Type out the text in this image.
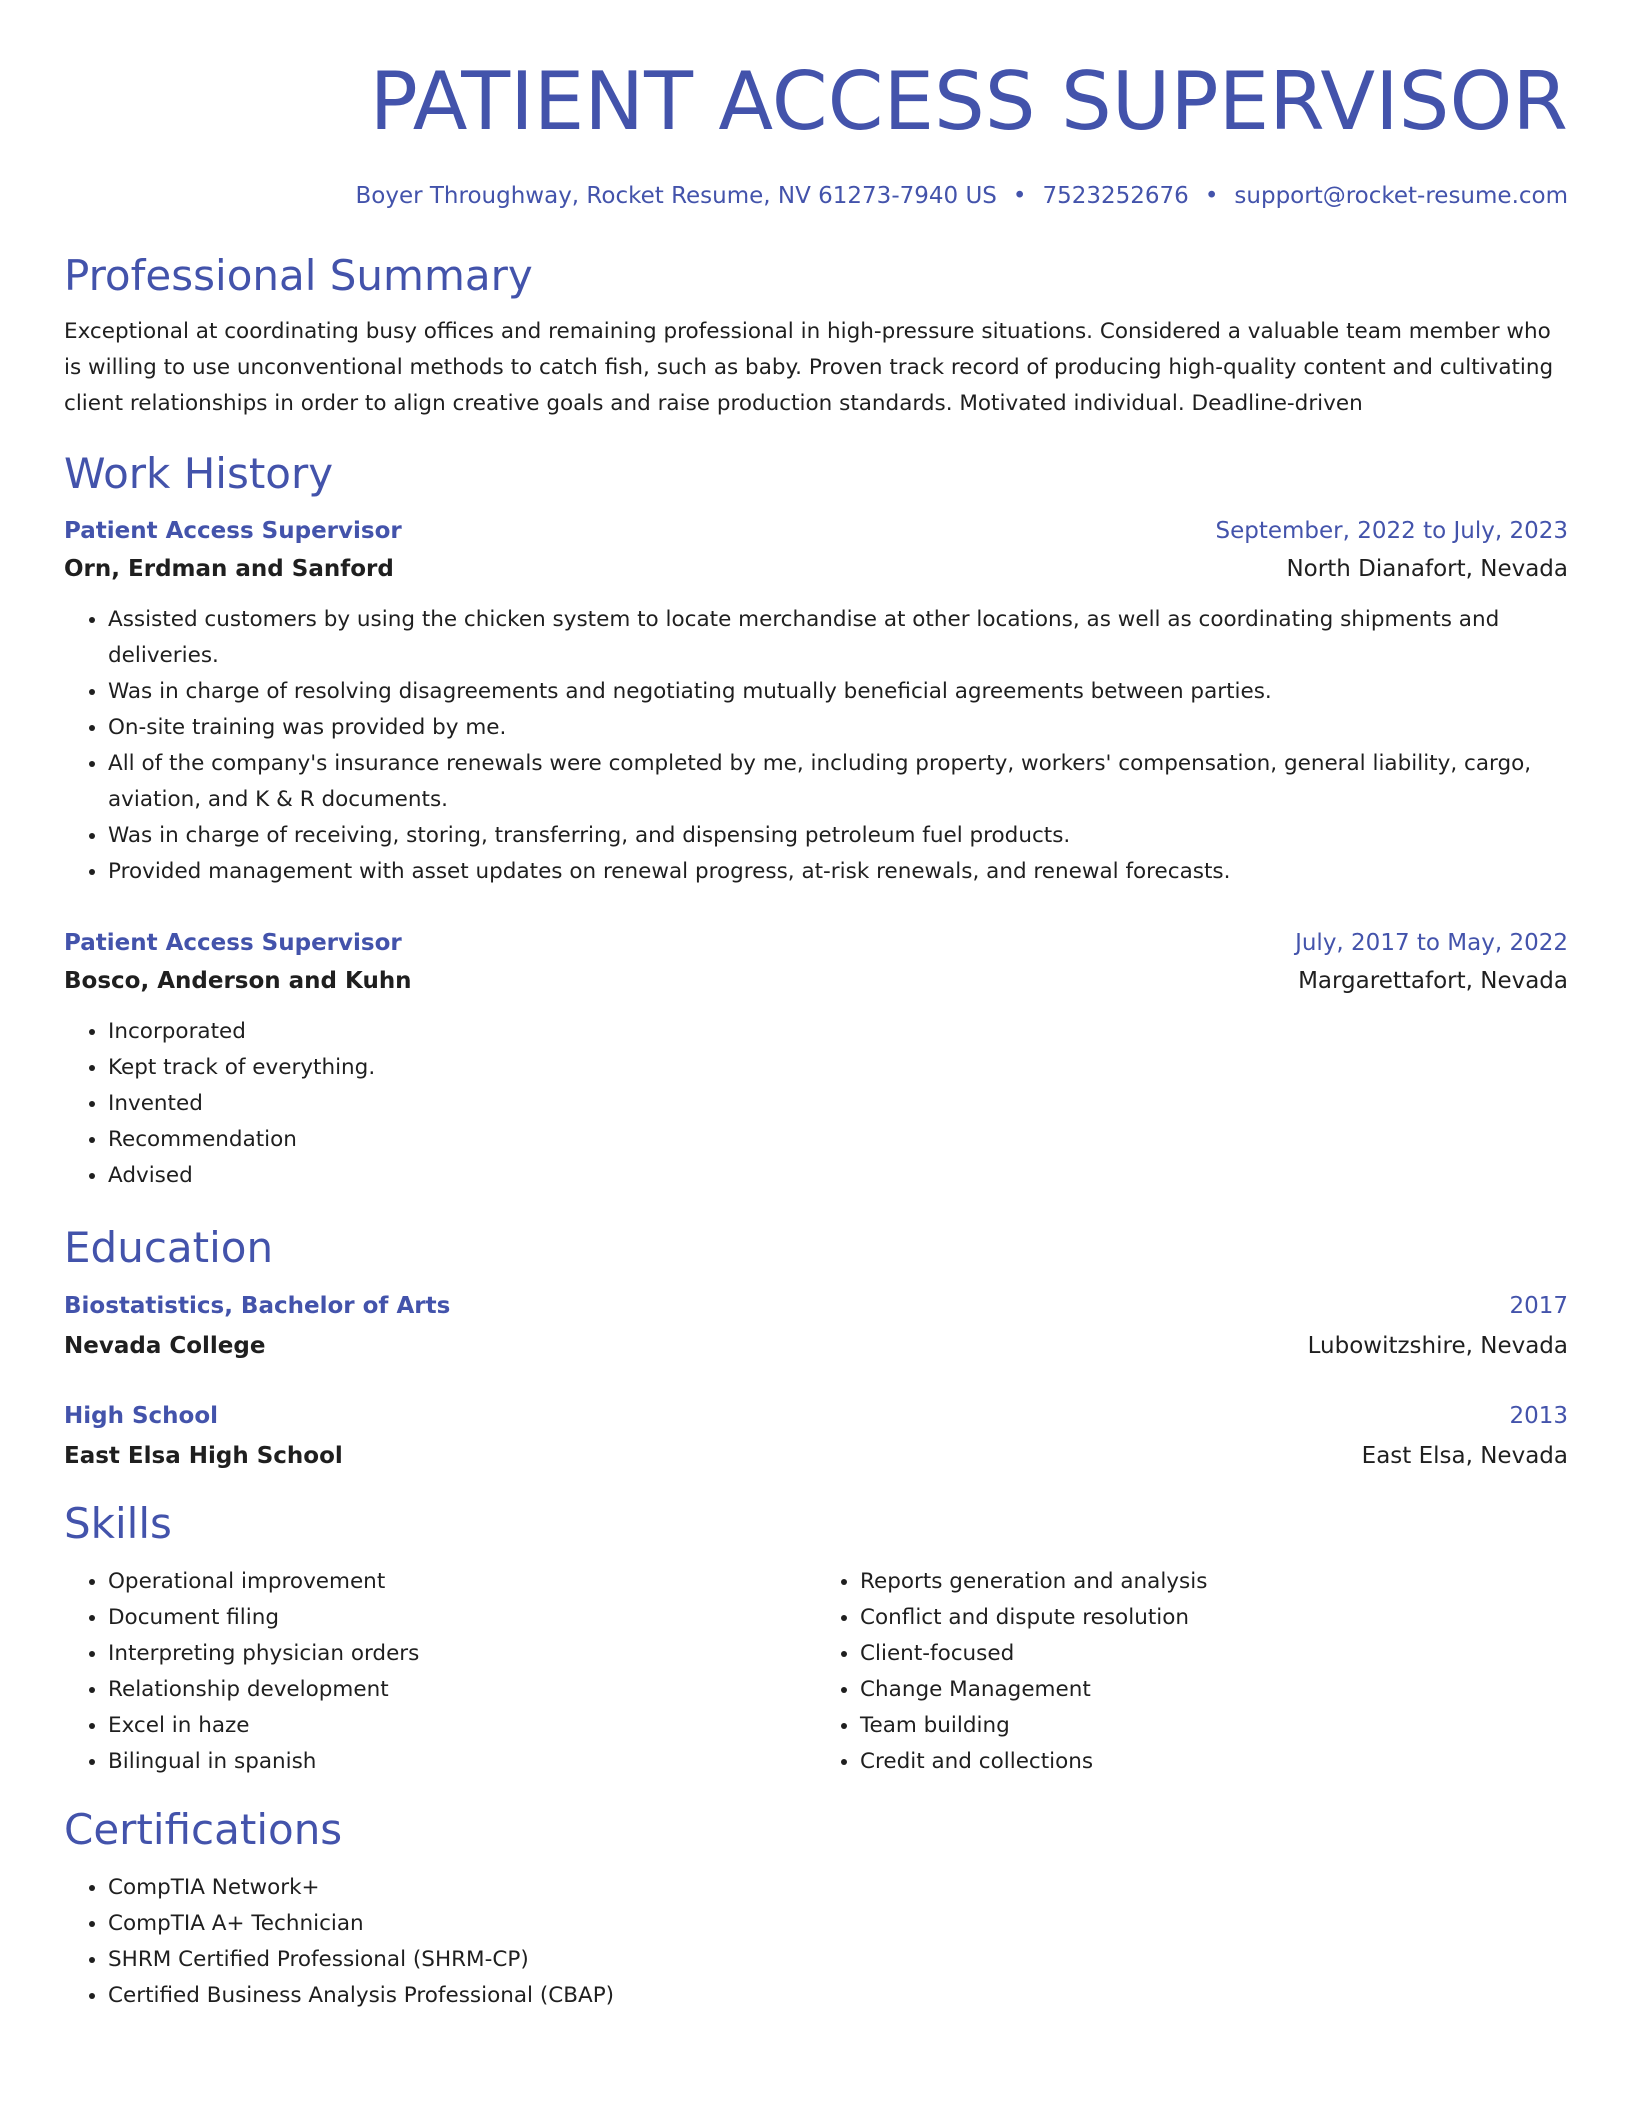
PATIENT ACCESS SUPERVISOR
Boyer Throughway, Rocket Resume, NV 61273-7940 US • 7523252676 • support@rocket-resume.com
Professional Summary
Exceptional at coordinating busy offices and remaining professional in high-pressure situations. Considered a valuable team member who is willing to use unconventional methods to catch fish, such as baby. Proven track record of producing high-quality content and cultivating client relationships in order to align creative goals and raise production standards. Motivated individual. Deadline-driven
Work History
Patient Access Supervisor	September, 2022 to July, 2023
Orn, Erdman and Sanford	North Dianafort, Nevada
• Assisted customers by using the chicken system to locate merchandise at other locations, as well as coordinating shipments and deliveries.
• Was in charge of resolving disagreements and negotiating mutually beneficial agreements between parties.
• On-site training was provided by me.
• All of the company's insurance renewals were completed by me, including property, workers' compensation, general liability, cargo, aviation, and K & R documents.
• Was in charge of receiving, storing, transferring, and dispensing petroleum fuel products.
• Provided management with asset updates on renewal progress, at-risk renewals, and renewal forecasts.
Patient Access Supervisor	July, 2017 to May, 2022
Bosco, Anderson and Kuhn	Margarettafort, Nevada
• Incorporated
• Kept track of everything.
• Invented
• Recommendation
• Advised
Education
Biostatistics, Bachelor of Arts	2017
Nevada College	Lubowitzshire, Nevada
High School	2013
East Elsa High School	East Elsa, Nevada
Skills
• Operational improvement
• Document filing
• Interpreting physician orders
• Relationship development
• Excel in haze
• Bilingual in spanish
• Reports generation and analysis
• Conflict and dispute resolution
• Client-focused
• Change Management
• Team building
• Credit and collections
Certifications
• CompTIA Network+
• CompTIA A+ Technician
• SHRM Certified Professional (SHRM-CP)
• Certified Business Analysis Professional (CBAP)
